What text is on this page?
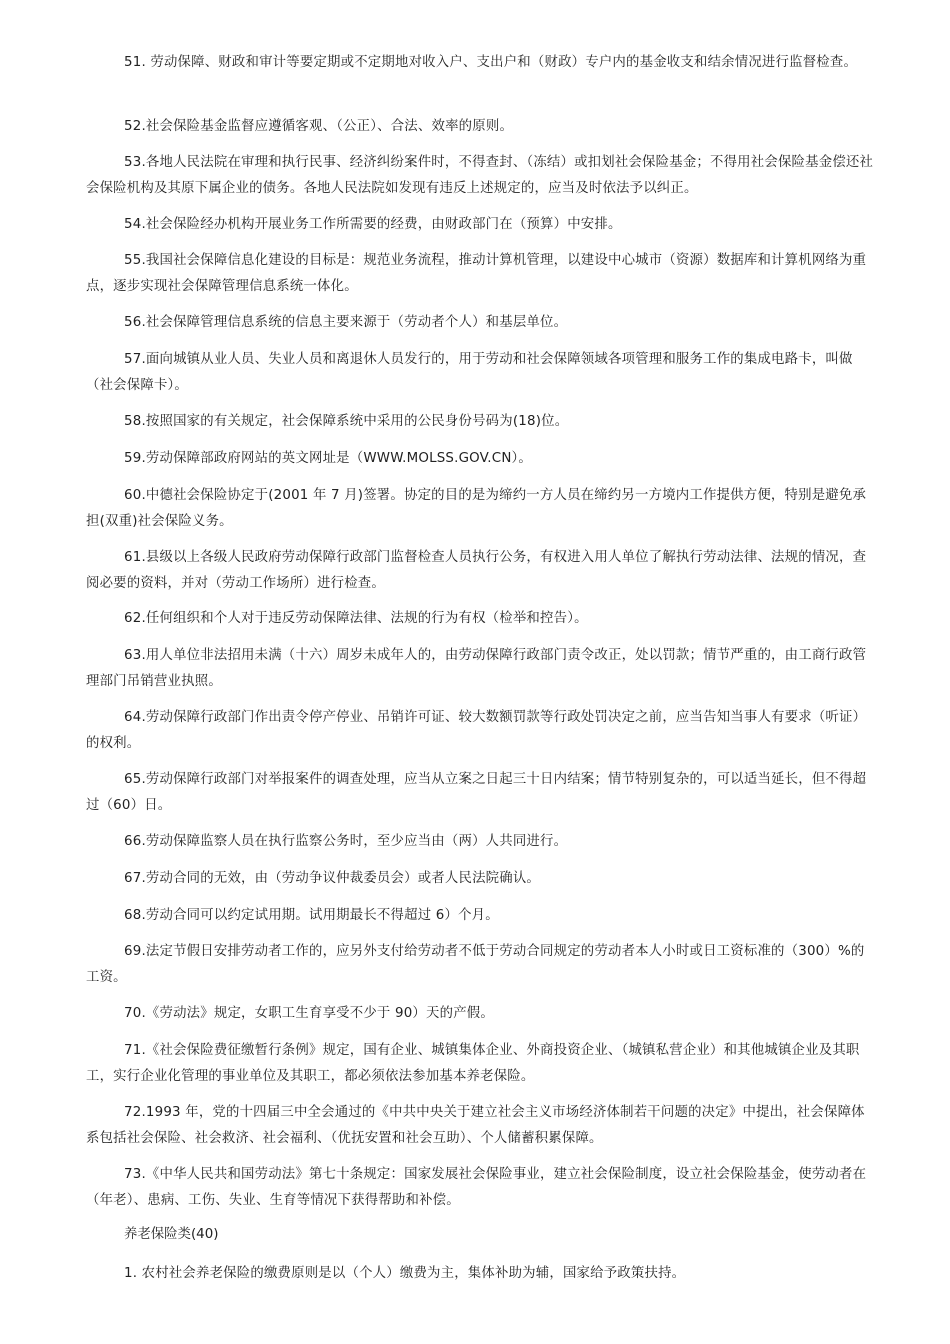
51. 劳动保障、财政和审计等要定期或不定期地对收入户、支出户和（财政）专户内的基金收支和结余情况进行监督检查。

52.社会保险基金监督应遵循客观、（公正）、合法、效率的原则。

53.各地人民法院在审理和执行民事、经济纠纷案件时，不得查封、（冻结）或扣划社会保险基金；不得用社会保险基金偿还社会保险机构及其原下属企业的债务。各地人民法院如发现有违反上述规定的，应当及时依法予以纠正。

54.社会保险经办机构开展业务工作所需要的经费，由财政部门在（预算）中安排。

55.我国社会保障信息化建设的目标是：规范业务流程，推动计算机管理，以建设中心城市（资源）数据库和计算机网络为重点，逐步实现社会保障管理信息系统一体化。

56.社会保障管理信息系统的信息主要来源于（劳动者个人）和基层单位。

57.面向城镇从业人员、失业人员和离退休人员发行的，用于劳动和社会保障领域各项管理和服务工作的集成电路卡，叫做（社会保障卡）。

58.按照国家的有关规定，社会保障系统中采用的公民身份号码为(18)位。

59.劳动保障部政府网站的英文网址是（WWW.MOLSS.GOV.CN）。

60.中德社会保险协定于(2001 年 7 月)签署。协定的目的是为缔约一方人员在缔约另一方境内工作提供方便，特别是避免承担(双重)社会保险义务。

61.县级以上各级人民政府劳动保障行政部门监督检查人员执行公务，有权进入用人单位了解执行劳动法律、法规的情况，查阅必要的资料，并对（劳动工作场所）进行检查。

62.任何组织和个人对于违反劳动保障法律、法规的行为有权（检举和控告）。

63.用人单位非法招用未满（十六）周岁未成年人的，由劳动保障行政部门责令改正，处以罚款；情节严重的，由工商行政管理部门吊销营业执照。

64.劳动保障行政部门作出责令停产停业、吊销许可证、较大数额罚款等行政处罚决定之前，应当告知当事人有要求（听证）的权利。

65.劳动保障行政部门对举报案件的调查处理，应当从立案之日起三十日内结案；情节特别复杂的，可以适当延长，但不得超过（60）日。

66.劳动保障监察人员在执行监察公务时，至少应当由（两）人共同进行。

67.劳动合同的无效，由（劳动争议仲裁委员会）或者人民法院确认。

68.劳动合同可以约定试用期。试用期最长不得超过 6）个月。

69.法定节假日安排劳动者工作的，应另外支付给劳动者不低于劳动合同规定的劳动者本人小时或日工资标准的（300）%的工资。

70.《劳动法》规定，女职工生育享受不少于 90）天的产假。

71.《社会保险费征缴暂行条例》规定，国有企业、城镇集体企业、外商投资企业、（城镇私营企业）和其他城镇企业及其职工，实行企业化管理的事业单位及其职工，都必须依法参加基本养老保险。

72.1993 年，党的十四届三中全会通过的《中共中央关于建立社会主义市场经济体制若干问题的决定》中提出，社会保障体系包括社会保险、社会救济、社会福利、（优抚安置和社会互助）、个人储蓄积累保障。

73.《中华人民共和国劳动法》第七十条规定：国家发展社会保险事业，建立社会保险制度，设立社会保险基金，使劳动者在（年老）、患病、工伤、失业、生育等情况下获得帮助和补偿。

养老保险类(40)

1. 农村社会养老保险的缴费原则是以（个人）缴费为主，集体补助为辅，国家给予政策扶持。
